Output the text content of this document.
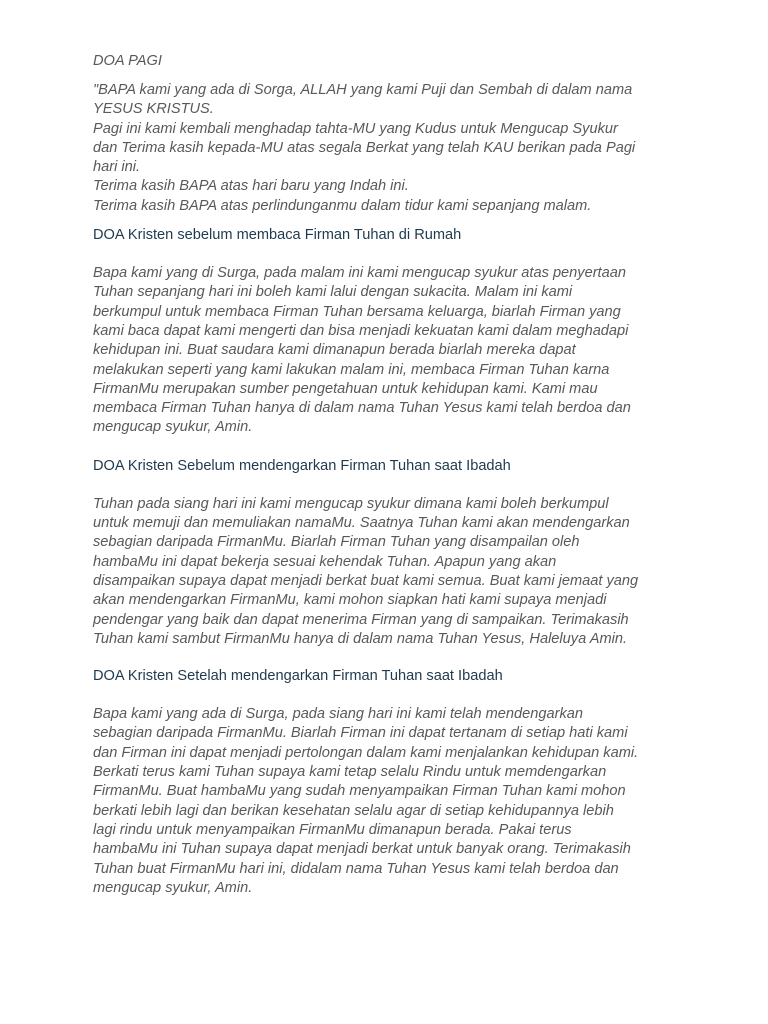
DOA PAGI

"BAPA kami yang ada di Sorga, ALLAH yang kami Puji dan Sembah di dalam nama
YESUS KRISTUS.
Pagi ini kami kembali menghadap tahta-MU yang Kudus untuk Mengucap Syukur
dan Terima kasih kepada-MU atas segala Berkat yang telah KAU berikan pada Pagi
hari ini.
Terima kasih BAPA atas hari baru yang Indah ini.
Terima kasih BAPA atas perlindunganmu dalam tidur kami sepanjang malam.

DOA Kristen sebelum membaca Firman Tuhan di Rumah

Bapa kami yang di Surga, pada malam ini kami mengucap syukur atas penyertaan
Tuhan sepanjang hari ini boleh kami lalui dengan sukacita. Malam ini kami
berkumpul untuk membaca Firman Tuhan bersama keluarga, biarlah Firman yang
kami baca dapat kami mengerti dan bisa menjadi kekuatan kami dalam meghadapi
kehidupan ini. Buat saudara kami dimanapun berada biarlah mereka dapat
melakukan seperti yang kami lakukan malam ini, membaca Firman Tuhan karna
FirmanMu merupakan sumber pengetahuan untuk kehidupan kami. Kami mau
membaca Firman Tuhan hanya di dalam nama Tuhan Yesus kami telah berdoa dan
mengucap syukur, Amin.

DOA Kristen Sebelum mendengarkan Firman Tuhan saat Ibadah

Tuhan pada siang hari ini kami mengucap syukur dimana kami boleh berkumpul
untuk memuji dan memuliakan namaMu. Saatnya Tuhan kami akan mendengarkan
sebagian daripada FirmanMu. Biarlah Firman Tuhan yang disampailan oleh
hambaMu ini dapat bekerja sesuai kehendak Tuhan. Apapun yang akan
disampaikan supaya dapat menjadi berkat buat kami semua. Buat kami jemaat yang
akan mendengarkan FirmanMu, kami mohon siapkan hati kami supaya menjadi
pendengar yang baik dan dapat menerima Firman yang di sampaikan. Terimakasih
Tuhan kami sambut FirmanMu hanya di dalam nama Tuhan Yesus, Haleluya Amin.

DOA Kristen Setelah mendengarkan Firman Tuhan saat Ibadah

Bapa kami yang ada di Surga, pada siang hari ini kami telah mendengarkan
sebagian daripada FirmanMu. Biarlah Firman ini dapat tertanam di setiap hati kami
dan Firman ini dapat menjadi pertolongan dalam kami menjalankan kehidupan kami.
Berkati terus kami Tuhan supaya kami tetap selalu Rindu untuk memdengarkan
FirmanMu. Buat hambaMu yang sudah menyampaikan Firman Tuhan kami mohon
berkati lebih lagi dan berikan kesehatan selalu agar di setiap kehidupannya lebih
lagi rindu untuk menyampaikan FirmanMu dimanapun berada. Pakai terus
hambaMu ini Tuhan supaya dapat menjadi berkat untuk banyak orang. Terimakasih
Tuhan buat FirmanMu hari ini, didalam nama Tuhan Yesus kami telah berdoa dan
mengucap syukur, Amin.
